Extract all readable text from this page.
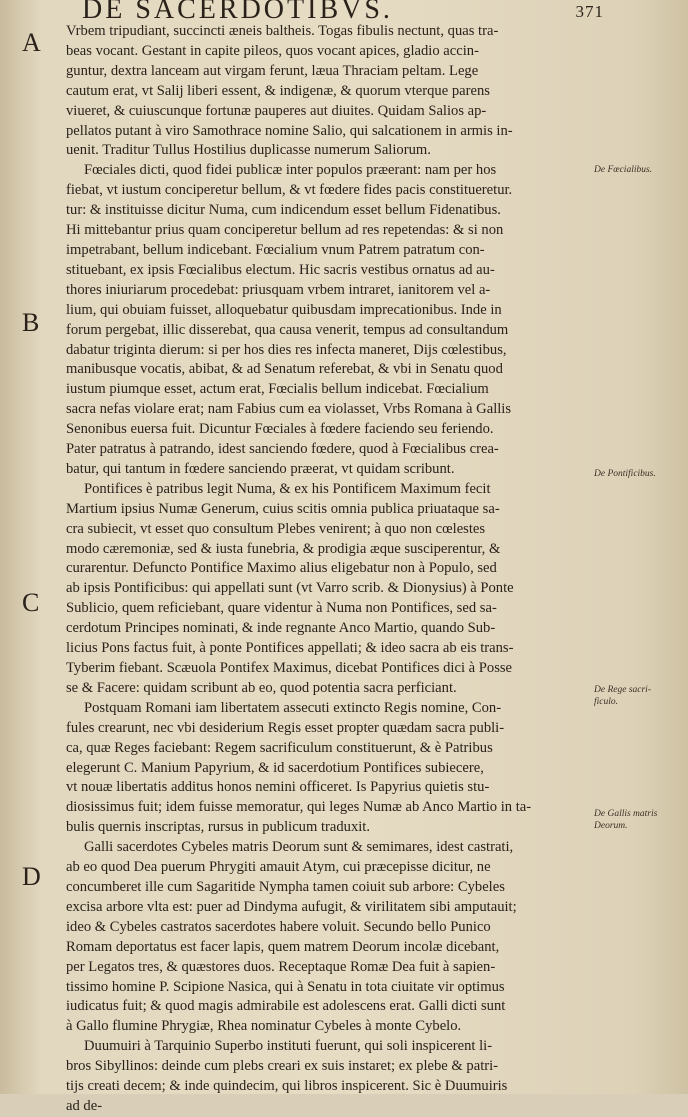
DE SACERDOTIBVS.	371
A
B
C
D
De Fœcialibus.
De Pontificibus.
De Rege sacri- ficulo.
De Gallis matris Deorum.
Vrbem tripudiant, succincti æneis baltheis. Togas fibulis nectunt, quas tra-
beas vocant. Gestant in capite pileos, quos vocant apices, gladio accin-
guntur, dextra lanceam aut virgam ferunt, læua Thraciam peltam. Lege
cautum erat, vt Salij liberi essent, & indigenæ, & quorum vterque parens
viueret, & cuiuscunque fortunæ pauperes aut diuites. Quidam Salios ap-
pellatos putant à viro Samothrace nomine Salio, qui salcationem in armis in-
uenit. Traditur Tullus Hostilius duplicasse numerum Saliorum.
Fœciales dicti, quod fidei publicæ inter populos præerant: nam per hos
fiebat, vt iustum conciperetur bellum, & vt fœdere fides pacis constitueretur.
tur: & instituisse dicitur Numa, cum indicendum esset bellum Fidenatibus.
Hi mittebantur prius quam conciperetur bellum ad res repetendas: & si non
impetrabant, bellum indicebant. Fœcialium vnum Patrem patratum con-
stituebant, ex ipsis Fœcialibus electum. Hic sacris vestibus ornatus ad au-
thores iniuriarum procedebat: priusquam vrbem intraret, ianitorem vel a-
lium, qui obuiam fuisset, alloquebatur quibusdam imprecationibus. Inde in
forum pergebat, illic disserebat, qua causa venerit, tempus ad consultandum
dabatur triginta dierum: si per hos dies res infecta maneret, Dijs cœlestibus,
manibusque vocatis, abibat, & ad Senatum referebat, & vbi in Senatu quod
iustum piumque esset, actum erat, Fœcialis bellum indicebat. Fœcialium
sacra nefas violare erat; nam Fabius cum ea violasset, Vrbs Romana à Gallis
Senonibus euersa fuit. Dicuntur Fœciales à fœdere faciendo seu feriendo.
Pater patratus à patrando, idest sanciendo fœdere, quod à Fœcialibus crea-
batur, qui tantum in fœdere sanciendo præerat, vt quidam scribunt.
Pontifices è patribus legit Numa, & ex his Pontificem Maximum fecit
Martium ipsius Numæ Generum, cuius scitis omnia publica priuataque sa-
cra subiecit, vt esset quo consultum Plebes venirent; à quo non cœlestes
modo cæremoniæ, sed & iusta funebria, & prodigia æque susciperentur, &
curarentur. Defuncto Pontifice Maximo alius eligebatur non à Populo, sed
ab ipsis Pontificibus: qui appellati sunt (vt Varro scrib. & Dionysius) à Ponte
Sublicio, quem reficiebant, quare videntur à Numa non Pontifices, sed sa-
cerdotum Principes nominati, & inde regnante Anco Martio, quando Sub-
licius Pons factus fuit, à ponte Pontifices appellati; & ideo sacra ab eis trans-
Tyberim fiebant. Scæuola Pontifex Maximus, dicebat Pontifices dici à Posse
se & Facere: quidam scribunt ab eo, quod potentia sacra perficiant.
Postquam Romani iam libertatem assecuti extincto Regis nomine, Con-
fules crearunt, nec vbi desiderium Regis esset propter quædam sacra publi-
ca, quæ Reges faciebant: Regem sacrificulum constituerunt, & è Patribus
elegerunt C. Manium Papyrium, & id sacerdotium Pontifices subiecere,
vt nouæ libertatis additus honos nemini officeret. Is Papyrius quietis stu-
diosissimus fuit; idem fuisse memoratur, qui leges Numæ ab Anco Martio in ta-
bulis quernis inscriptas, rursus in publicum traduxit.
Galli sacerdotes Cybeles matris Deorum sunt & semimares, idest castrati,
ab eo quod Dea puerum Phrygiti amauit Atym, cui præcepisse dicitur, ne
concumberet ille cum Sagaritide Nympha tamen coiuit sub arbore: Cybeles
excisa arbore vlta est: puer ad Dindyma aufugit, & virilitatem sibi amputauit;
ideo & Cybeles castratos sacerdotes habere voluit. Secundo bello Punico
Romam deportatus est facer lapis, quem matrem Deorum incolæ dicebant,
per Legatos tres, & quæstores duos. Receptaque Romæ Dea fuit à sapien-
tissimo homine P. Scipione Nasica, qui à Senatu in tota ciuitate vir optimus
iudicatus fuit; & quod magis admirabile est adolescens erat. Galli dicti sunt
à Gallo flumine Phrygiæ, Rhea nominatur Cybeles à monte Cybelo.
Duumuiri à Tarquinio Superbo instituti fuerunt, qui soli inspicerent li-
bros Sibyllinos: deinde cum plebs creari ex suis instaret; ex plebe & patri-
tijs creati decem; & inde quindecim, qui libros inspicerent. Sic è Duumuiris
ad de-
